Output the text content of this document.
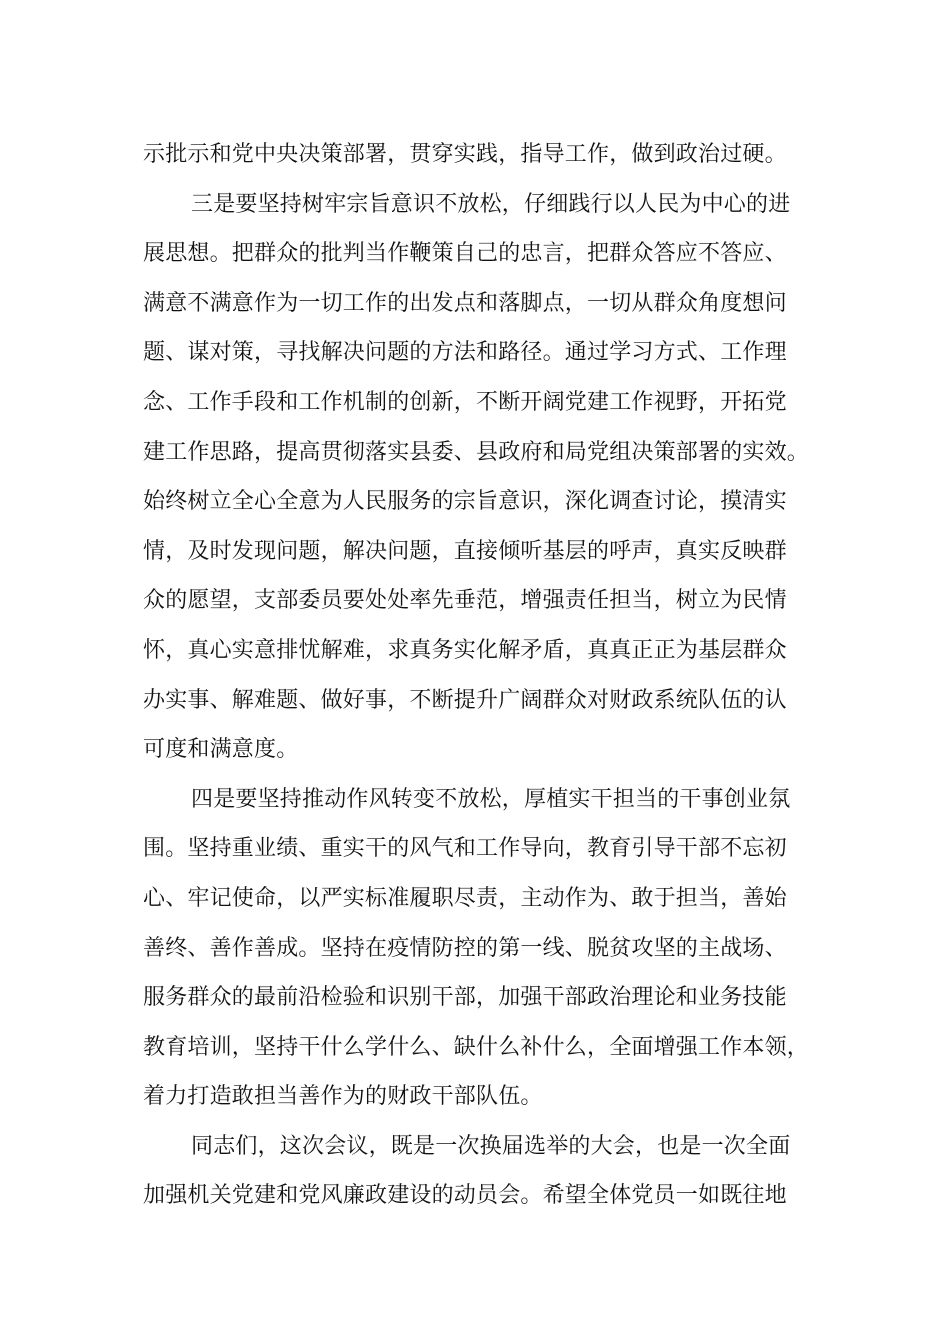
示批示和党中央决策部署，贯穿实践，指导工作，做到政治过硬。
三是要坚持树牢宗旨意识不放松，仔细践行以人民为中心的进
展思想。把群众的批判当作鞭策自己的忠言，把群众答应不答应、
满意不满意作为一切工作的出发点和落脚点，一切从群众角度想问
题、谋对策，寻找解决问题的方法和路径。通过学习方式、工作理
念、工作手段和工作机制的创新，不断开阔党建工作视野，开拓党
建工作思路，提高贯彻落实县委、县政府和局党组决策部署的实效。
始终树立全心全意为人民服务的宗旨意识，深化调查讨论，摸清实
情，及时发现问题，解决问题，直接倾听基层的呼声，真实反映群
众的愿望，支部委员要处处率先垂范，增强责任担当，树立为民情
怀，真心实意排忧解难，求真务实化解矛盾，真真正正为基层群众
办实事、解难题、做好事，不断提升广阔群众对财政系统队伍的认
可度和满意度。
四是要坚持推动作风转变不放松，厚植实干担当的干事创业氛
围。坚持重业绩、重实干的风气和工作导向，教育引导干部不忘初
心、牢记使命，以严实标准履职尽责，主动作为、敢于担当，善始
善终、善作善成。坚持在疫情防控的第一线、脱贫攻坚的主战场、
服务群众的最前沿检验和识别干部，加强干部政治理论和业务技能
教育培训，坚持干什么学什么、缺什么补什么，全面增强工作本领，
着力打造敢担当善作为的财政干部队伍。
同志们，这次会议，既是一次换届选举的大会，也是一次全面
加强机关党建和党风廉政建设的动员会。希望全体党员一如既往地
